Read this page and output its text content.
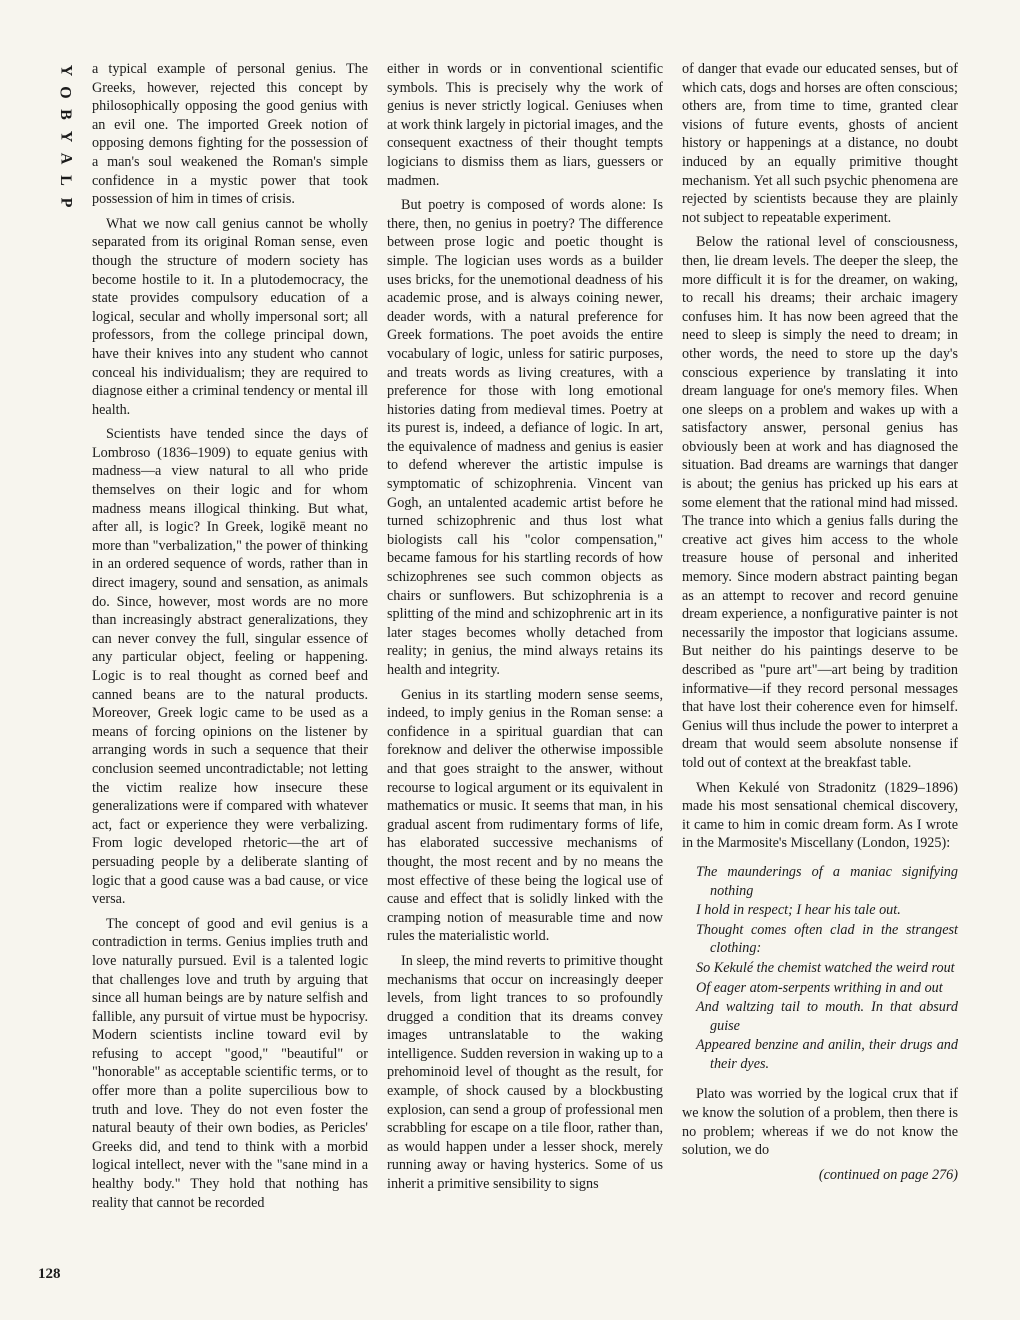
Y
O
B
Y
A
L
P
128

a typical example of personal genius. The Greeks, however, rejected this concept by philosophically opposing the good genius with an evil one. The imported Greek notion of opposing demons fighting for the possession of a man's soul weakened the Roman's simple confidence in a mystic power that took possession of him in times of crisis.

What we now call genius cannot be wholly separated from its original Roman sense, even though the structure of modern society has become hostile to it. In a plutodemocracy, the state provides compulsory education of a logical, secular and wholly impersonal sort; all professors, from the college principal down, have their knives into any student who cannot conceal his individualism; they are required to diagnose either a criminal tendency or mental ill health.

Scientists have tended since the days of Lombroso (1836–1909) to equate genius with madness—a view natural to all who pride themselves on their logic and for whom madness means illogical thinking. But what, after all, is logic? In Greek, logikē meant no more than "verbalization," the power of thinking in an ordered sequence of words, rather than in direct imagery, sound and sensation, as animals do. Since, however, most words are no more than increasingly abstract generalizations, they can never convey the full, singular essence of any particular object, feeling or happening. Logic is to real thought as corned beef and canned beans are to the natural products. Moreover, Greek logic came to be used as a means of forcing opinions on the listener by arranging words in such a sequence that their conclusion seemed uncontradictable; not letting the victim realize how insecure these generalizations were if compared with whatever act, fact or experience they were verbalizing. From logic developed rhetoric—the art of persuading people by a deliberate slanting of logic that a good cause was a bad cause, or vice versa.

The concept of good and evil genius is a contradiction in terms. Genius implies truth and love naturally pursued. Evil is a talented logic that challenges love and truth by arguing that since all human beings are by nature selfish and fallible, any pursuit of virtue must be hypocrisy. Modern scientists incline toward evil by refusing to accept "good," "beautiful" or "honorable" as acceptable scientific terms, or to offer more than a polite supercilious bow to truth and love. They do not even foster the natural beauty of their own bodies, as Pericles' Greeks did, and tend to think with a morbid logical intellect, never with the "sane mind in a healthy body." They hold that nothing has reality that cannot be recorded

either in words or in conventional scientific symbols. This is precisely why the work of genius is never strictly logical. Geniuses when at work think largely in pictorial images, and the consequent exactness of their thought tempts logicians to dismiss them as liars, guessers or madmen.

But poetry is composed of words alone: Is there, then, no genius in poetry? The difference between prose logic and poetic thought is simple. The logician uses words as a builder uses bricks, for the unemotional deadness of his academic prose, and is always coining newer, deader words, with a natural preference for Greek formations. The poet avoids the entire vocabulary of logic, unless for satiric purposes, and treats words as living creatures, with a preference for those with long emotional histories dating from medieval times. Poetry at its purest is, indeed, a defiance of logic. In art, the equivalence of madness and genius is easier to defend wherever the artistic impulse is symptomatic of schizophrenia. Vincent van Gogh, an untalented academic artist before he turned schizophrenic and thus lost what biologists call his "color compensation," became famous for his startling records of how schizophrenes see such common objects as chairs or sunflowers. But schizophrenia is a splitting of the mind and schizophrenic art in its later stages becomes wholly detached from reality; in genius, the mind always retains its health and integrity.

Genius in its startling modern sense seems, indeed, to imply genius in the Roman sense: a confidence in a spiritual guardian that can foreknow and deliver the otherwise impossible and that goes straight to the answer, without recourse to logical argument or its equivalent in mathematics or music. It seems that man, in his gradual ascent from rudimentary forms of life, has elaborated successive mechanisms of thought, the most recent and by no means the most effective of these being the logical use of cause and effect that is solidly linked with the cramping notion of measurable time and now rules the materialistic world.

In sleep, the mind reverts to primitive thought mechanisms that occur on increasingly deeper levels, from light trances to so profoundly drugged a condition that its dreams convey images untranslatable to the waking intelligence. Sudden reversion in waking up to a prehominoid level of thought as the result, for example, of shock caused by a blockbusting explosion, can send a group of professional men scrabbling for escape on a tile floor, rather than, as would happen under a lesser shock, merely running away or having hysterics. Some of us inherit a primitive sensibility to signs

of danger that evade our educated senses, but of which cats, dogs and horses are often conscious; others are, from time to time, granted clear visions of future events, ghosts of ancient history or happenings at a distance, no doubt induced by an equally primitive thought mechanism. Yet all such psychic phenomena are rejected by scientists because they are plainly not subject to repeatable experiment.

Below the rational level of consciousness, then, lie dream levels. The deeper the sleep, the more difficult it is for the dreamer, on waking, to recall his dreams; their archaic imagery confuses him. It has now been agreed that the need to sleep is simply the need to dream; in other words, the need to store up the day's conscious experience by translating it into dream language for one's memory files. When one sleeps on a problem and wakes up with a satisfactory answer, personal genius has obviously been at work and has diagnosed the situation. Bad dreams are warnings that danger is about; the genius has pricked up his ears at some element that the rational mind had missed. The trance into which a genius falls during the creative act gives him access to the whole treasure house of personal and inherited memory. Since modern abstract painting began as an attempt to recover and record genuine dream experience, a nonfigurative painter is not necessarily the impostor that logicians assume. But neither do his paintings deserve to be described as "pure art"—art being by tradition informative—if they record personal messages that have lost their coherence even for himself. Genius will thus include the power to interpret a dream that would seem absolute nonsense if told out of context at the breakfast table.

When Kekulé von Stradonitz (1829–1896) made his most sensational chemical discovery, it came to him in comic dream form. As I wrote in the Marmosite's Miscellany (London, 1925):

The maunderings of a maniac signifying nothing
I hold in respect; I hear his tale out.
Thought comes often clad in the strangest clothing:
So Kekulé the chemist watched the weird rout
Of eager atom-serpents writhing in and out
And waltzing tail to mouth. In that absurd guise
Appeared benzine and anilin, their drugs and their dyes.

Plato was worried by the logical crux that if we know the solution of a problem, then there is no problem; whereas if we do not know the solution, we do

(continued on page 276)
